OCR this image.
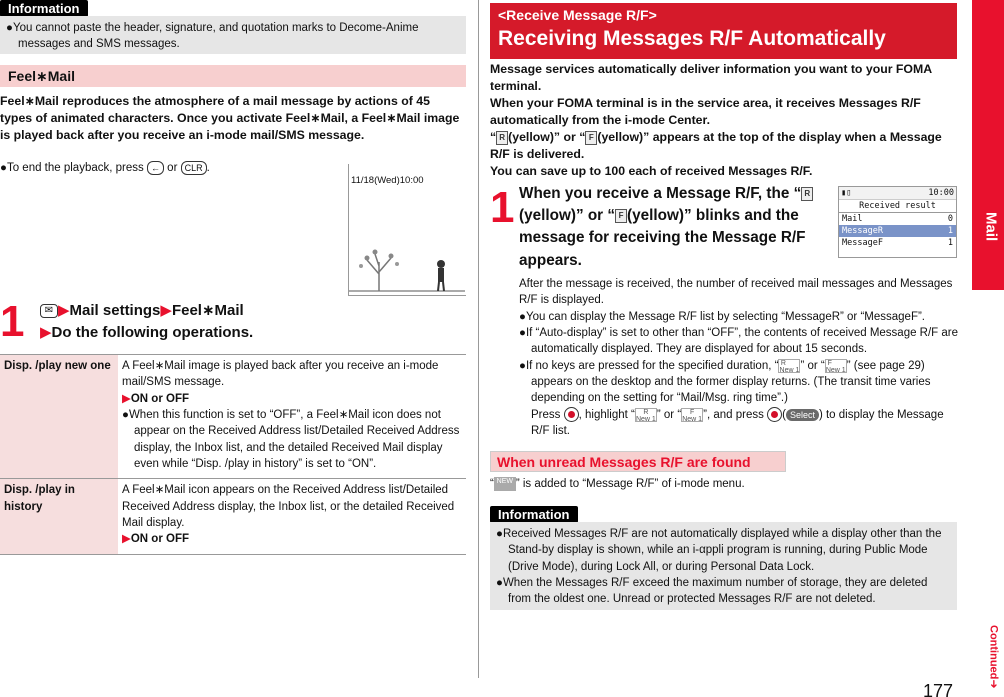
Information
●You cannot paste the header, signature, and quotation marks to Decome-Anime messages and SMS messages.
Feel∗Mail
Feel∗Mail reproduces the atmosphere of a mail message by actions of 45 types of animated characters. Once you activate Feel∗Mail, a Feel∗Mail image is played back after you receive an i-mode mail/SMS message.
●To end the playback, press ← or CLR .
11/18(Wed)10:00
1	✉ ▶Mail settings▶Feel∗Mail
▶Do the following operations.
Disp. /play new one	A Feel∗Mail image is played back after you receive an i-mode mail/SMS message.
▶ON or OFF
●When this function is set to “OFF”, a Feel∗Mail icon does not appear on the Received Address list/Detailed Received Address display, the Inbox list, and the detailed Received Mail display even while “Disp. /play in history” is set to “ON”.

Disp. /play in history	A Feel∗Mail icon appears on the Received Address list/Detailed Received Address display, the Inbox list, or the detailed Received Mail display.
▶ON or OFF
<Receive Message R/F>
Receiving Messages R/F Automatically
Message services automatically deliver information you want to your FOMA terminal.
When your FOMA terminal is in the service area, it receives Messages R/F automatically from the i-mode Center.
“ R (yellow)” or “ F (yellow)” appears at the top of the display when a Message R/F is delivered.
You can save up to 100 each of received Messages R/F.
1 When you receive a Message R/F, the “ R(yellow)” or “ F (yellow)” blinks and the message for receiving the Message R/F appears.
▮▯	10:00
Received result
Mail	0
MessageR	1
MessageF	1
After the message is received, the number of received mail messages and Messages R/F is displayed.
●You can display the Message R/F list by selecting “MessageR” or “MessageF”.
●If “Auto-display” is set to other than “OFF”, the contents of received Message R/F are automatically displayed. They are displayed for about 15 seconds.
●If no keys are pressed for the specified duration, “ R
New 1” or “ F
New 1” (see page 29) appears on the desktop and the former display returns. (The transit time varies depending on the setting for “Mail/Msg. ring time”.)
Press , highlight “ R
New 1” or “ F
New 1”, and press ( Select ) to display the Message R/F list.
When unread Messages R/F are found
“ NEW ” is added to “Message R/F” of i-mode menu.
Information
●Received Messages R/F are not automatically displayed while a display other than the Stand-by display is shown, while an i-αppli program is running, during Public Mode (Drive Mode), during Lock All, or during Personal Data Lock.
●When the Messages R/F exceed the maximum number of storage, they are deleted from the oldest one. Unread or protected Messages R/F are not deleted.
Mail
Continued➜
177
